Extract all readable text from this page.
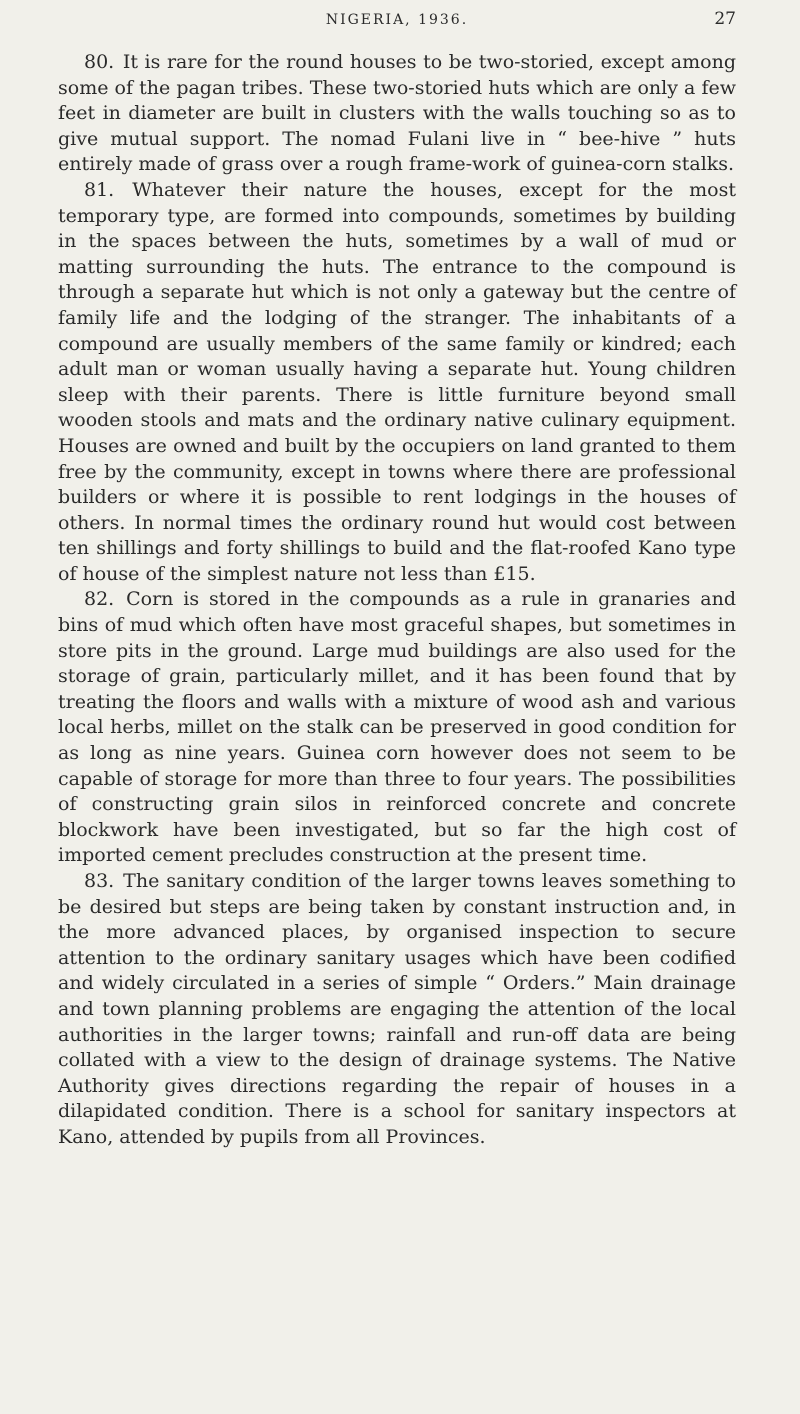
NIGERIA, 1936.	27

80. It is rare for the round houses to be two-storied, except among some of the pagan tribes. These two-storied huts which are only a few feet in diameter are built in clusters with the walls touching so as to give mutual support. The nomad Fulani live in “ bee-hive ” huts entirely made of grass over a rough frame-work of guinea-corn stalks.

81. Whatever their nature the houses, except for the most temporary type, are formed into compounds, sometimes by building in the spaces between the huts, sometimes by a wall of mud or matting surrounding the huts. The entrance to the compound is through a separate hut which is not only a gateway but the centre of family life and the lodging of the stranger. The inhabitants of a compound are usually members of the same family or kindred; each adult man or woman usually having a separate hut. Young children sleep with their parents. There is little furniture beyond small wooden stools and mats and the ordinary native culinary equipment. Houses are owned and built by the occupiers on land granted to them free by the community, except in towns where there are professional builders or where it is possible to rent lodgings in the houses of others. In normal times the ordinary round hut would cost between ten shillings and forty shillings to build and the flat-roofed Kano type of house of the simplest nature not less than £15.

82. Corn is stored in the compounds as a rule in granaries and bins of mud which often have most graceful shapes, but sometimes in store pits in the ground. Large mud buildings are also used for the storage of grain, particularly millet, and it has been found that by treating the floors and walls with a mixture of wood ash and various local herbs, millet on the stalk can be preserved in good condition for as long as nine years. Guinea corn however does not seem to be capable of storage for more than three to four years. The possibilities of constructing grain silos in reinforced concrete and concrete blockwork have been investigated, but so far the high cost of imported cement precludes construction at the present time.

83. The sanitary condition of the larger towns leaves something to be desired but steps are being taken by constant instruction and, in the more advanced places, by organised inspection to secure attention to the ordinary sanitary usages which have been codified and widely circulated in a series of simple “ Orders.” Main drainage and town planning problems are engaging the attention of the local authorities in the larger towns; rainfall and run-off data are being collated with a view to the design of drainage systems. The Native Authority gives directions regarding the repair of houses in a dilapidated condition. There is a school for sanitary inspectors at Kano, attended by pupils from all Provinces.
